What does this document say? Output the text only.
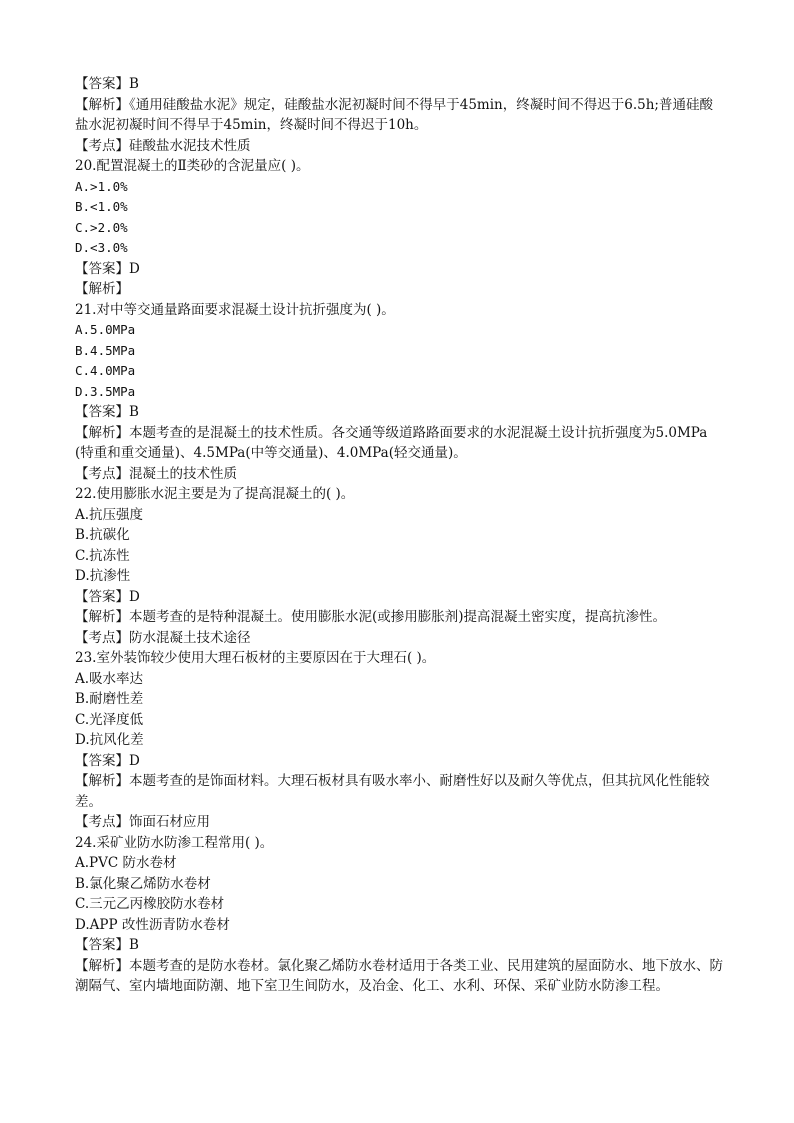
【答案】B
【解析】《通用硅酸盐水泥》规定，硅酸盐水泥初凝时间不得早于45min，终凝时间不得迟于6.5h;普通硅酸盐水泥初凝时间不得早于45min，终凝时间不得迟于10h。
【考点】硅酸盐水泥技术性质
20.配置混凝土的Ⅱ类砂的含泥量应( )。
A.>1.0%
B.<1.0%
C.>2.0%
D.<3.0%
【答案】D
【解析】
21.对中等交通量路面要求混凝土设计抗折强度为( )。
A.5.0MPa
B.4.5MPa
C.4.0MPa
D.3.5MPa
【答案】B
【解析】本题考查的是混凝土的技术性质。各交通等级道路路面要求的水泥混凝土设计抗折强度为5.0MPa(特重和重交通量)、4.5MPa(中等交通量)、4.0MPa(轻交通量)。
【考点】混凝土的技术性质
22.使用膨胀水泥主要是为了提高混凝土的( )。
A.抗压强度
B.抗碳化
C.抗冻性
D.抗渗性
【答案】D
【解析】本题考查的是特种混凝土。使用膨胀水泥(或掺用膨胀剂)提高混凝土密实度，提高抗渗性。
【考点】防水混凝土技术途径
23.室外装饰较少使用大理石板材的主要原因在于大理石( )。
A.吸水率达
B.耐磨性差
C.光泽度低
D.抗风化差
【答案】D
【解析】本题考查的是饰面材料。大理石板材具有吸水率小、耐磨性好以及耐久等优点，但其抗风化性能较差。
【考点】饰面石材应用
24.采矿业防水防渗工程常用( )。
A.PVC 防水卷材
B.氯化聚乙烯防水卷材
C.三元乙丙橡胶防水卷材
D.APP 改性沥青防水卷材
【答案】B
【解析】本题考查的是防水卷材。氯化聚乙烯防水卷材适用于各类工业、民用建筑的屋面防水、地下放水、防潮隔气、室内墙地面防潮、地下室卫生间防水，及冶金、化工、水利、环保、采矿业防水防渗工程。
